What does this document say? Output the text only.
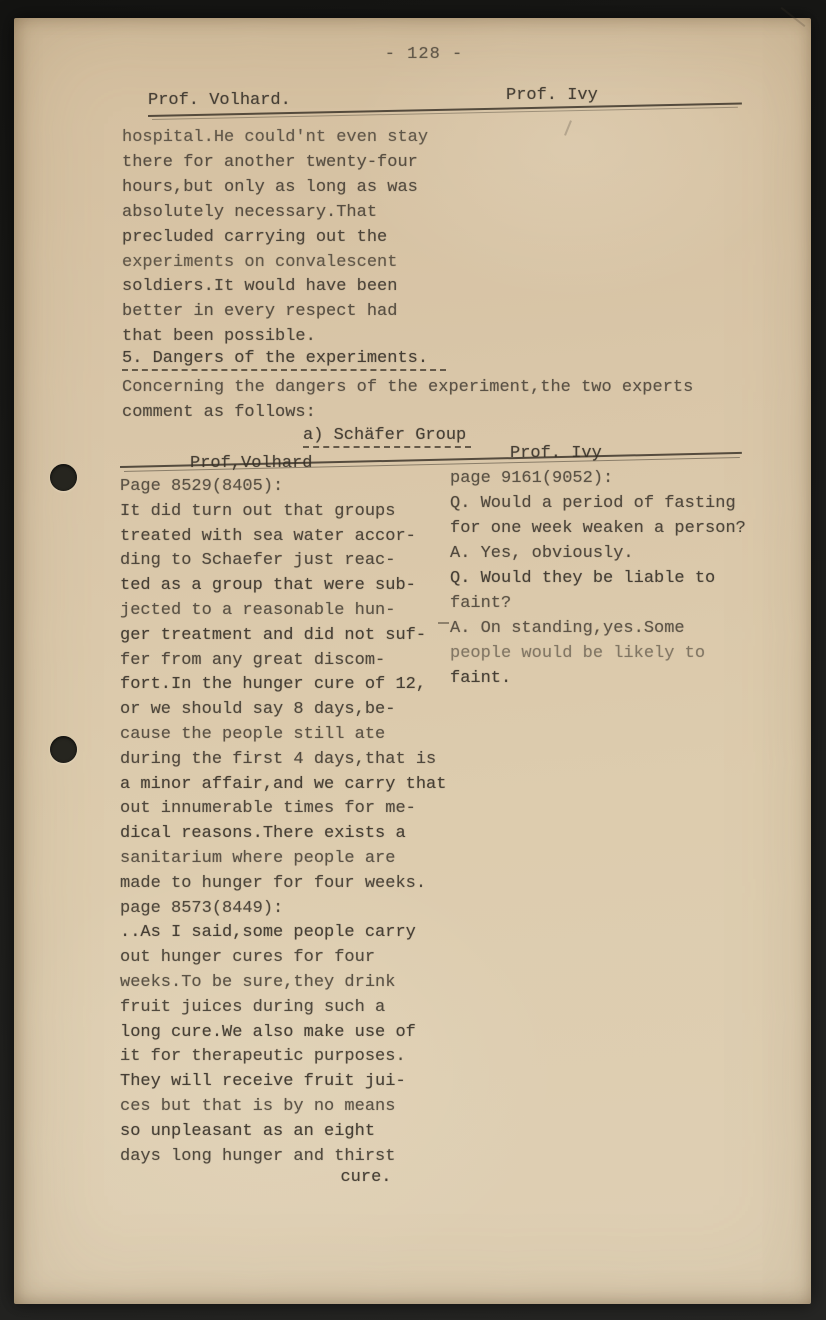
- 128 -
Prof. Volhard.	Prof. Ivy
hospital.He could'nt even stay
there for another twenty-four
hours,but only as long as was
absolutely necessary.That
precluded carrying out the
experiments on convalescent
soldiers.It would have been
better in every respect had
that been possible.
5. Dangers of the experiments.
Concerning the dangers of the experiment,the two experts
comment as follows:
a) Schäfer Group
Prof,Volhard
Prof. Ivy
Page 8529(8405):
It did turn out that groups
treated with sea water accor-
ding to Schaefer just reac-
ted as a group that were sub-
jected to a reasonable hun-
ger treatment and did not suf-
fer from any great discom-
fort.In the hunger cure of 12,
or we should say 8 days,be-
cause the people still ate
during the first 4 days,that is
a minor affair,and we carry that
out innumerable times for me-
dical reasons.There exists a
sanitarium where people are
made to hunger for four weeks.
page 8573(8449):
..As I said,some people carry
out hunger cures for four
weeks.To be sure,they drink
fruit juices during such a
long cure.We also make use of
it for therapeutic purposes.
They will receive fruit jui-
ces but that is by no means
so unpleasant as an eight
days long hunger and thirst
cure.
page 9161(9052):
Q. Would a period of fasting
for one week weaken a person?
A. Yes, obviously.
Q. Would they be liable to
faint?
A. On standing,yes.Some
people would be likely to
faint.
